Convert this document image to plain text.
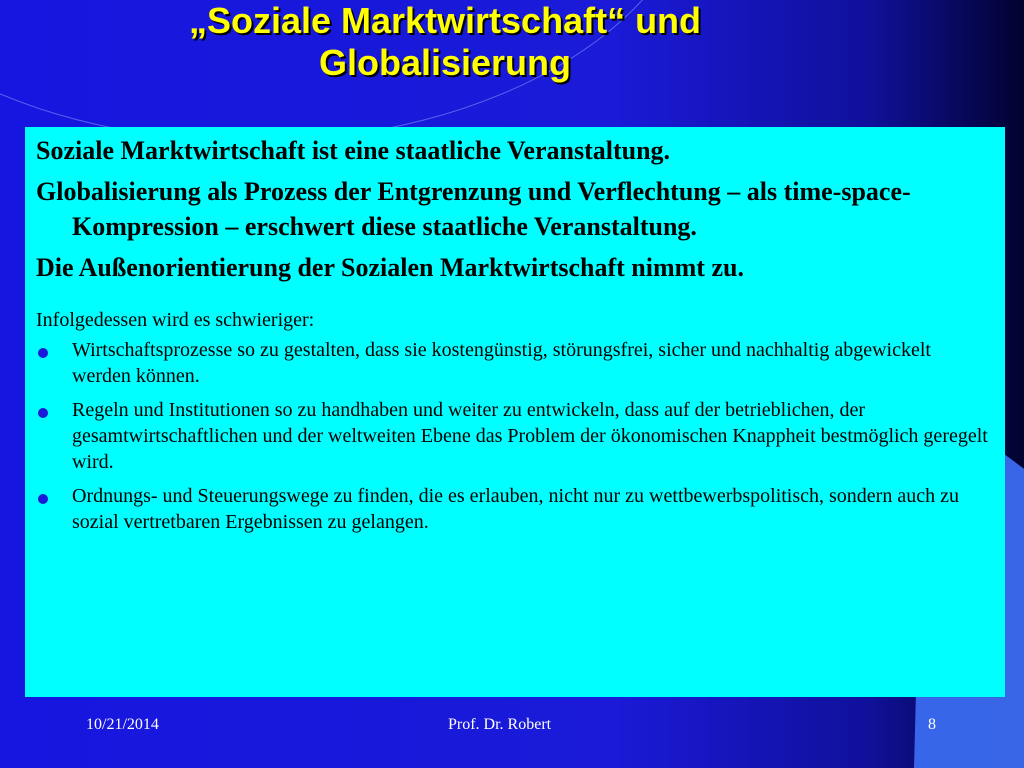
„Soziale Marktwirtschaft“ und
Globalisierung

Soziale Marktwirtschaft ist eine staatliche Veranstaltung.

Globalisierung als Prozess der Entgrenzung und Verflechtung – als time-space-Kompression – erschwert diese staatliche Veranstaltung.

Die Außenorientierung der Sozialen Marktwirtschaft nimmt zu.

Infolgedessen wird es schwieriger:

Wirtschaftsprozesse so zu gestalten, dass sie kostengünstig, störungsfrei, sicher und nachhaltig abgewickelt werden können.
Regeln und Institutionen so zu handhaben und weiter zu entwickeln, dass auf der betrieblichen, der gesamtwirtschaftlichen und der weltweiten Ebene das Problem der ökonomischen Knappheit bestmöglich geregelt wird.
Ordnungs- und Steuerungswege zu finden, die es erlauben, nicht nur zu wettbewerbspolitisch, sondern auch zu sozial vertretbaren Ergebnissen zu gelangen.
10/21/2014	Prof. Dr. Robert	8
